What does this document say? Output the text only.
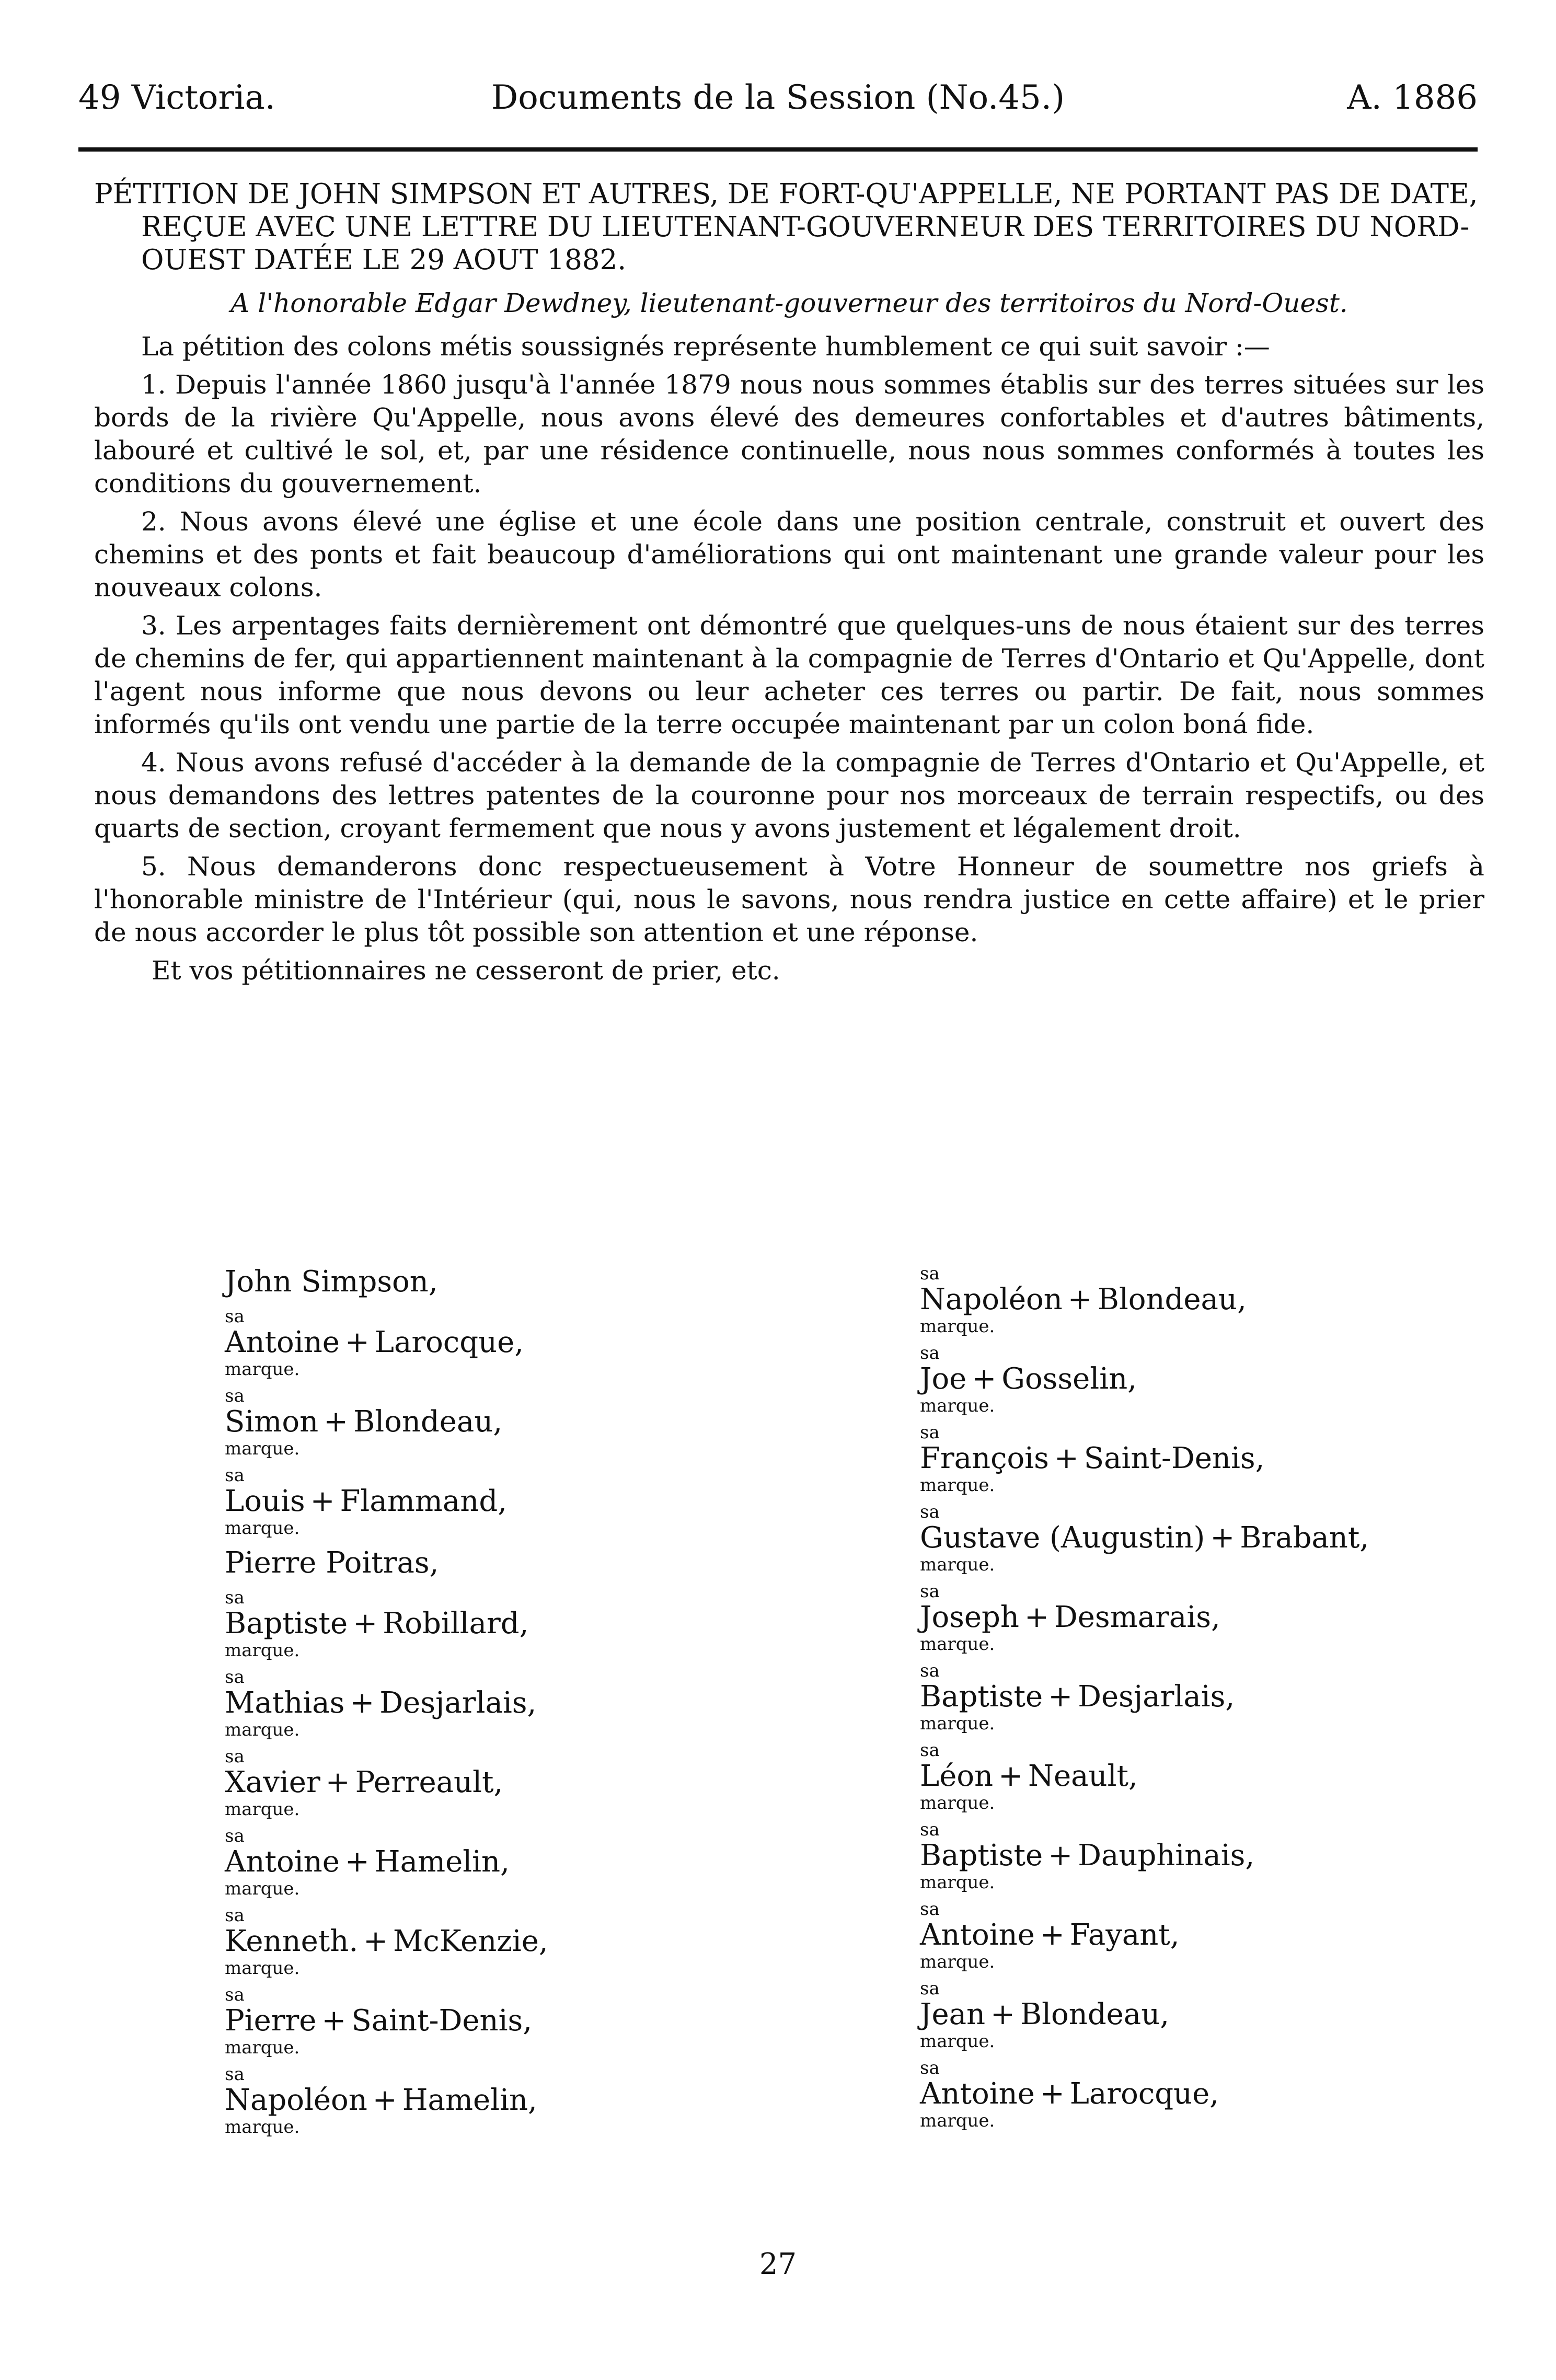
49 Victoria.	Documents de la Session (No.45.)	A. 1886
PÉTITION DE JOHN SIMPSON ET AUTRES, DE FORT-QU'APPELLE, NE PORTANT PAS DE DATE, REÇUE AVEC UNE LETTRE DU LIEUTENANT-GOUVERNEUR DES TERRITOIRES DU NORD-OUEST DATÉE LE 29 AOUT 1882.
A l'honorable Edgar Dewdney, lieutenant-gouverneur des territoiros du Nord-Ouest.

La pétition des colons métis soussignés représente humblement ce qui suit savoir :—

1. Depuis l'année 1860 jusqu'à l'année 1879 nous nous sommes établis sur des terres situées sur les bords de la rivière Qu'Appelle, nous avons élevé des demeures confortables et d'autres bâtiments, labouré et cultivé le sol, et, par une résidence continuelle, nous nous sommes conformés à toutes les conditions du gouvernement.

2. Nous avons élevé une église et une école dans une position centrale, construit et ouvert des chemins et des ponts et fait beaucoup d'améliorations qui ont maintenant une grande valeur pour les nouveaux colons.

3. Les arpentages faits dernièrement ont démontré que quelques-uns de nous étaient sur des terres de chemins de fer, qui appartiennent maintenant à la compagnie de Terres d'Ontario et Qu'Appelle, dont l'agent nous informe que nous devons ou leur acheter ces terres ou partir. De fait, nous sommes informés qu'ils ont vendu une partie de la terre occupée maintenant par un colon boná fide.

4. Nous avons refusé d'accéder à la demande de la compagnie de Terres d'Ontario et Qu'Appelle, et nous demandons des lettres patentes de la couronne pour nos morceaux de terrain respectifs, ou des quarts de section, croyant fermement que nous y avons justement et légalement droit.

5. Nous demanderons donc respectueusement à Votre Honneur de soumettre nos griefs à l'honorable ministre de l'Intérieur (qui, nous le savons, nous rendra justice en cette affaire) et le prier de nous accorder le plus tôt possible son attention et une réponse.

Et vos pétitionnaires ne cesseront de prier, etc.
John Simpson,
sa
Antoine + Larocque,
marque.
sa
Simon + Blondeau,
marque.
sa
Louis + Flammand,
marque.
Pierre Poitras,
sa
Baptiste + Robillard,
marque.
sa
Mathias + Desjarlais,
marque.
sa
Xavier + Perreault,
marque.
sa
Antoine + Hamelin,
marque.
sa
Kenneth. + McKenzie,
marque.
sa
Pierre + Saint-Denis,
marque.
sa
Napoléon + Hamelin,
marque.
sa
Napoléon + Blondeau,
marque.
sa
Joe + Gosselin,
marque.
sa
François + Saint-Denis,
marque.
sa
Gustave (Augustin) + Brabant,
marque.
sa
Joseph + Desmarais,
marque.
sa
Baptiste + Desjarlais,
marque.
sa
Léon + Neault,
marque.
sa
Baptiste + Dauphinais,
marque.
sa
Antoine + Fayant,
marque.
sa
Jean + Blondeau,
marque.
sa
Antoine + Larocque,
marque.
27
